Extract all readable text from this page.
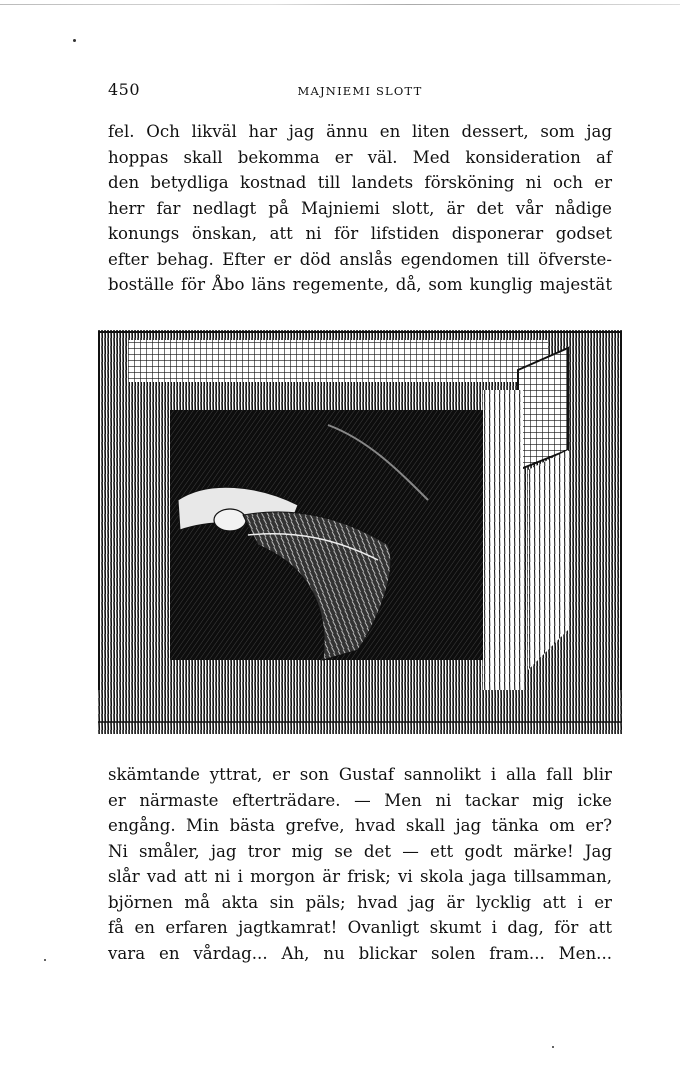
450	MAJNIEMI SLOTT
fel. Och likväl har jag ännu en liten dessert, som jag
hoppas skall bekomma er väl. Med konsideration af
den betydliga kostnad till landets försköning ni och er
herr far nedlagt på Majniemi slott, är det vår nådige
konungs önskan, att ni för lifstiden disponerar godset
efter behag. Efter er död anslås egendomen till öfverste-
boställe för Åbo läns regemente, då, som kunglig majestät
skämtande yttrat, er son Gustaf sannolikt i alla fall blir
er närmaste efterträdare. — Men ni tackar mig icke
engång. Min bästa grefve, hvad skall jag tänka om er?
Ni småler, jag tror mig se det — ett godt märke! Jag
slår vad att ni i morgon är frisk; vi skola jaga tillsamman,
björnen må akta sin päls; hvad jag är lycklig att i er
få en erfaren jagtkamrat! Ovanligt skumt i dag, för att
vara en vårdag... Ah, nu blickar solen fram... Men...
